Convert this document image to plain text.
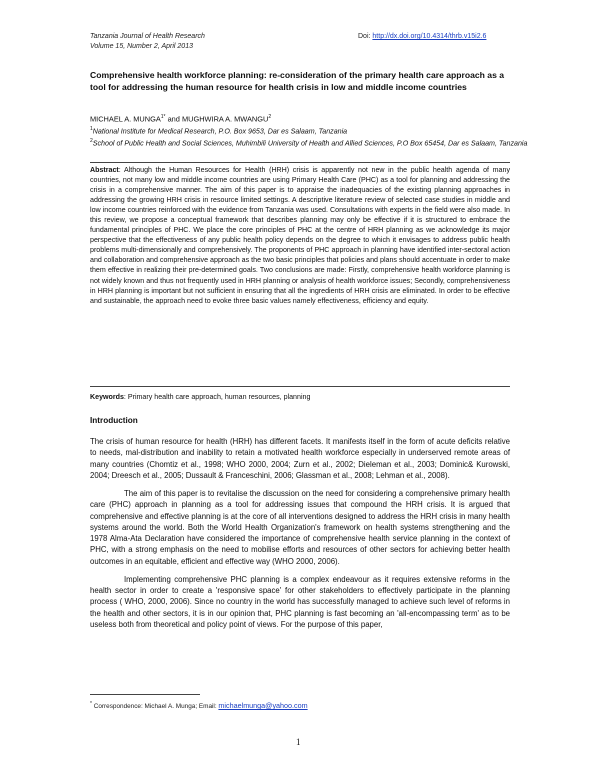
Tanzania Journal of Health Research
Volume 15, Number 2, April 2013
Doi: http://dx.doi.org/10.4314/thrb.v15i2.6
Comprehensive health workforce planning: re-consideration of the primary health care approach as a tool for addressing the human resource for health crisis in low and middle income countries
MICHAEL A. $MUNGA^{1*}$ and MUGHWIRA A. MWANGU$^2$
$^1$National Institute for Medical Research, P.O. Box 9653, Dar es Salaam, Tanzania
$^2$School of Public Health and Social Sciences, Muhimbili University of Health and Allied Sciences, P.O Box 65454, Dar es Salaam, Tanzania
Abstract: Although the Human Resources for Health (HRH) crisis is apparently not new in the public health agenda of many countries, not many low and middle income countries are using Primary Health Care (PHC) as a tool for planning and addressing the crisis in a comprehensive manner. The aim of this paper is to appraise the inadequacies of the existing planning approaches in addressing the growing HRH crisis in resource limited settings. A descriptive literature review of selected case studies in middle and low income countries reinforced with the evidence from Tanzania was used. Consultations with experts in the field were also made. In this review, we propose a conceptual framework that describes planning may only be effective if it is structured to embrace the fundamental principles of PHC. We place the core principles of PHC at the centre of HRH planning as we acknowledge its major perspective that the effectiveness of any public health policy depends on the degree to which it envisages to address public health problems multi-dimensionally and comprehensively. The proponents of PHC approach in planning have identified inter-sectoral action and collaboration and comprehensive approach as the two basic principles that policies and plans should accentuate in order to make them effective in realizing their pre-determined goals. Two conclusions are made: Firstly, comprehensive health workforce planning is not widely known and thus not frequently used in HRH planning or analysis of health workforce issues; Secondly, comprehensiveness in HRH planning is important but not sufficient in ensuring that all the ingredients of HRH crisis are eliminated. In order to be effective and sustainable, the approach need to evoke three basic values namely effectiveness, efficiency and equity.
Keywords: Primary health care approach, human resources, planning
Introduction

The crisis of human resource for health (HRH) has different facets. It manifests itself in the form of acute deficits relative to needs, mal-distribution and inability to retain a motivated health workforce especially in underserved remote areas of many countries (Chomtiz et al., 1998; WHO 2000, 2004; Zurn et al., 2002; Dieleman et al., 2003; Dominic& Kurowski, 2004; Dreesch et al., 2005; Dussault & Franceschini, 2006; Glassman et al., 2008; Lehman et al., 2008).

The aim of this paper is to revitalise the discussion on the need for considering a comprehensive primary health care (PHC) approach in planning as a tool for addressing issues that compound the HRH crisis. It is argued that comprehensive and effective planning is at the core of all interventions designed to address the HRH crisis in many health systems around the world. Both the World Health Organization's framework on health systems strengthening and the 1978 Alma-Ata Declaration have considered the importance of comprehensive health service planning in the context of PHC, with a strong emphasis on the need to mobilise efforts and resources of other sectors for achieving better health outcomes in an equitable, efficient and effective way (WHO 2000, 2006).

Implementing comprehensive PHC planning is a complex endeavour as it requires extensive reforms in the health sector in order to create a 'responsive space' for other stakeholders to effectively participate in the planning process ( WHO, 2000, 2006). Since no country in the world has successfully managed to achieve such level of reforms in the health and other sectors, it is in our opinion that, PHC planning is fast becoming an 'all-encompassing term' as to be useless both from theoretical and policy point of views. For the purpose of this paper,

* Correspondence: Michael A. Munga; Email: michaelmunga@yahoo.com
1
